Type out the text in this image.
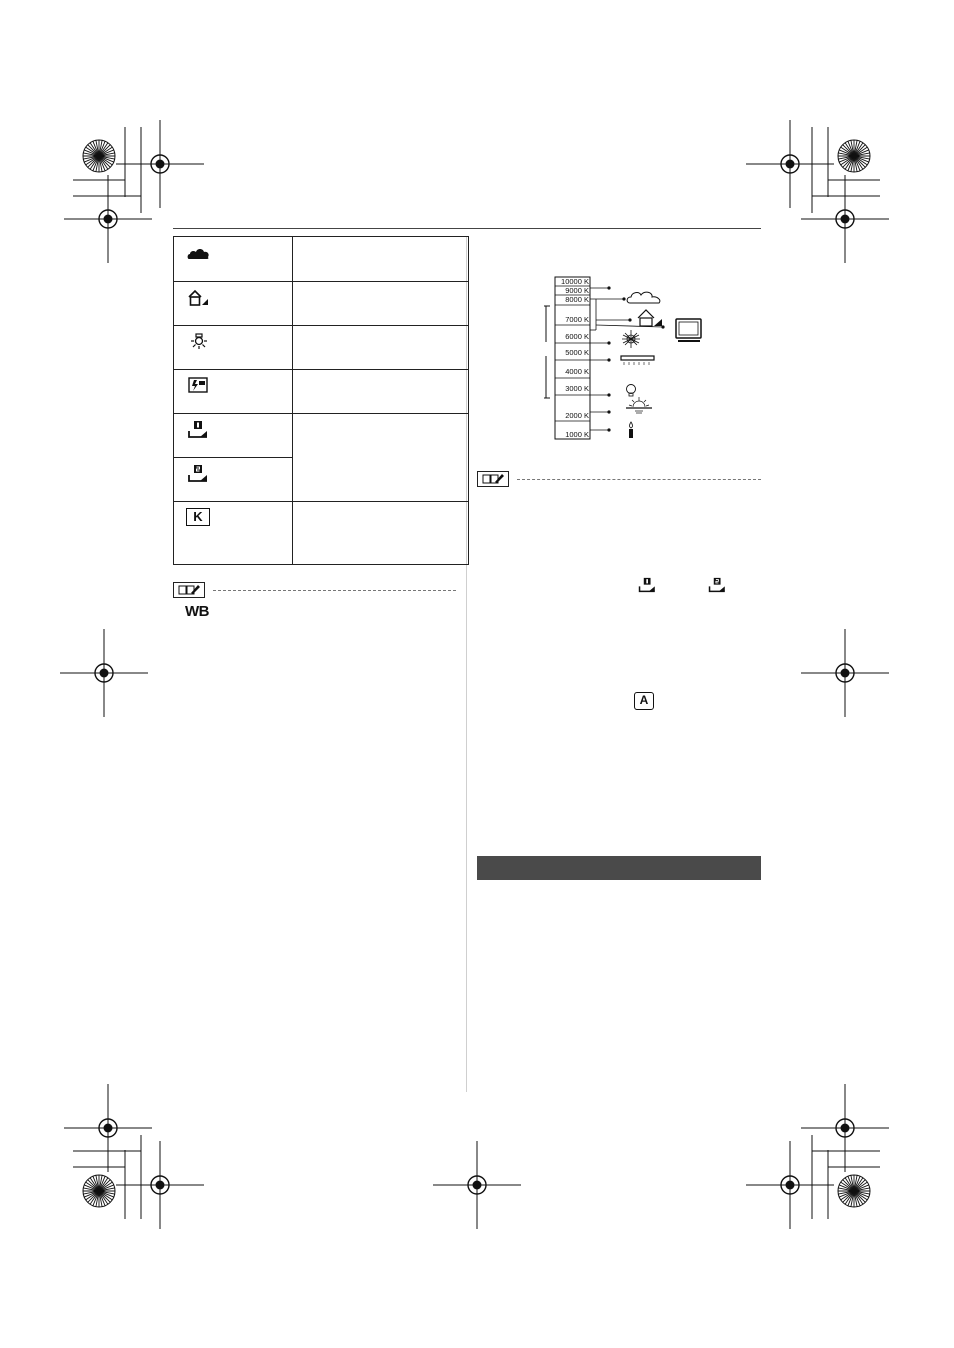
K	

WB
10000 K
9000 K
8000 K
7000 K
6000 K
5000 K
4000 K
3000 K
2000 K
1000 K
A
